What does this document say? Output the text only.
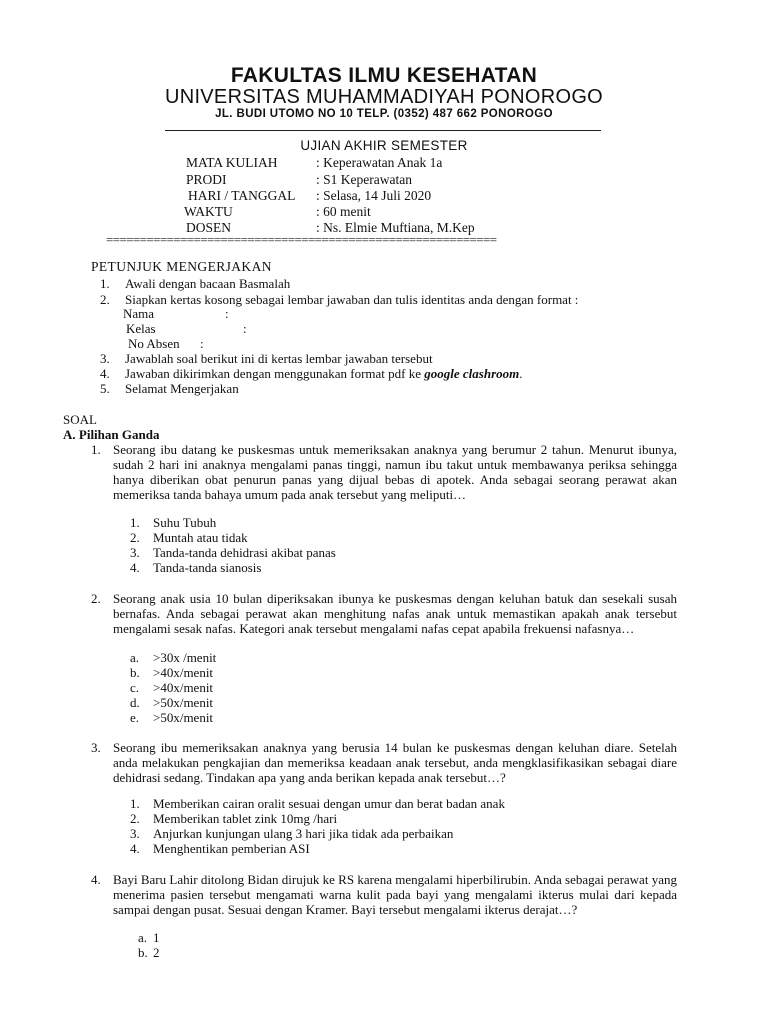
FAKULTAS ILMU KESEHATAN
UNIVERSITAS MUHAMMADIYAH PONOROGO
JL. BUDI UTOMO NO 10 TELP. (0352) 487 662 PONOROGO
UJIAN AKHIR SEMESTER
MATA KULIAH	: Keperawatan Anak 1a
PRODI	: S1 Keperawatan
HARI / TANGGAL : Selasa, 14 Juli 2020
WAKTU	: 60 menit
DOSEN	: Ns. Elmie Muftiana, M.Kep
==========================================================
PETUNJUK MENGERJAKAN
1. Awali dengan bacaan Basmalah
2. Siapkan kertas kosong sebagai lembar jawaban dan tulis identitas anda dengan format :
Nama	:
Kelas	:
No Absen :
3. Jawablah soal berikut ini di kertas lembar jawaban tersebut
4. Jawaban dikirimkan dengan menggunakan format pdf ke google clashroom.
5. Selamat Mengerjakan
SOAL
A. Pilihan Ganda
1. Seorang ibu datang ke puskesmas untuk memeriksakan anaknya yang berumur 2 tahun. Menurut ibunya, sudah 2 hari ini anaknya mengalami panas tinggi, namun ibu takut untuk membawanya periksa sehingga hanya diberikan obat penurun panas yang dijual bebas di apotek. Anda sebagai seorang perawat akan memeriksa tanda bahaya umum pada anak tersebut yang meliputi…
1. Suhu Tubuh
2. Muntah atau tidak
3. Tanda-tanda dehidrasi akibat panas
4. Tanda-tanda sianosis
2. Seorang anak usia 10 bulan diperiksakan ibunya ke puskesmas dengan keluhan batuk dan sesekali susah bernafas. Anda sebagai perawat akan menghitung nafas anak untuk memastikan apakah anak tersebut mengalami sesak nafas. Kategori anak tersebut mengalami nafas cepat apabila frekuensi nafasnya…
a. >30x /menit
b. >40x/menit
c. >40x/menit
d. >50x/menit
e. >50x/menit
3. Seorang ibu memeriksakan anaknya yang berusia 14 bulan ke puskesmas dengan keluhan diare. Setelah anda melakukan pengkajian dan memeriksa keadaan anak tersebut, anda mengklasifikasikan sebagai diare dehidrasi sedang. Tindakan apa yang anda berikan kepada anak tersebut…?
1. Memberikan cairan oralit sesuai dengan umur dan berat badan anak
2. Memberikan tablet zink 10mg /hari
3. Anjurkan kunjungan ulang 3 hari jika tidak ada perbaikan
4. Menghentikan pemberian ASI
4. Bayi Baru Lahir ditolong Bidan dirujuk ke RS karena mengalami hiperbilirubin. Anda sebagai perawat yang menerima pasien tersebut mengamati warna kulit pada bayi yang mengalami ikterus mulai dari kepada sampai dengan pusat. Sesuai dengan Kramer. Bayi tersebut mengalami ikterus derajat…?
a. 1
b. 2
